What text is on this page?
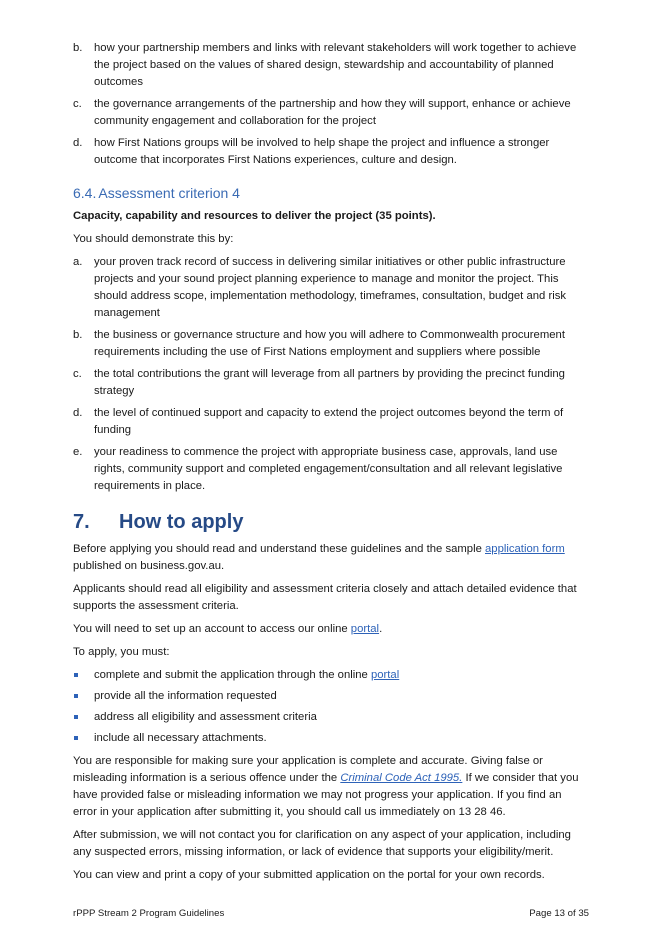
b.	how your partnership members and links with relevant stakeholders will work together to achieve the project based on the values of shared design, stewardship and accountability of planned outcomes
c.	the governance arrangements of the partnership and how they will support, enhance or achieve community engagement and collaboration for the project
d.	how First Nations groups will be involved to help shape the project and influence a stronger outcome that incorporates First Nations experiences, culture and design.
6.4. Assessment criterion 4

Capacity, capability and resources to deliver the project (35 points).

You should demonstrate this by:

a.	your proven track record of success in delivering similar initiatives or other public infrastructure projects and your sound project planning experience to manage and monitor the project. This should address scope, implementation methodology, timeframes, consultation, budget and risk management
b.	the business or governance structure and how you will adhere to Commonwealth procurement requirements including the use of First Nations employment and suppliers where possible
c.	the total contributions the grant will leverage from all partners by providing the precinct funding strategy
d.	the level of continued support and capacity to extend the project outcomes beyond the term of funding
e.	your readiness to commence the project with appropriate business case, approvals, land use rights, community support and completed engagement/consultation and all relevant legislative requirements in place.
7. How to apply

Before applying you should read and understand these guidelines and the sample application form published on business.gov.au.

Applicants should read all eligibility and assessment criteria closely and attach detailed evidence that supports the assessment criteria.

You will need to set up an account to access our online portal.

To apply, you must:

complete and submit the application through the online portal
provide all the information requested
address all eligibility and assessment criteria
include all necessary attachments.

You are responsible for making sure your application is complete and accurate. Giving false or misleading information is a serious offence under the Criminal Code Act 1995. If we consider that you have provided false or misleading information we may not progress your application. If you find an error in your application after submitting it, you should call us immediately on 13 28 46.

After submission, we will not contact you for clarification on any aspect of your application, including any suspected errors, missing information, or lack of evidence that supports your eligibility/merit.

You can view and print a copy of your submitted application on the portal for your own records.

rPPP Stream 2 Program Guidelines	Page 13 of 35
